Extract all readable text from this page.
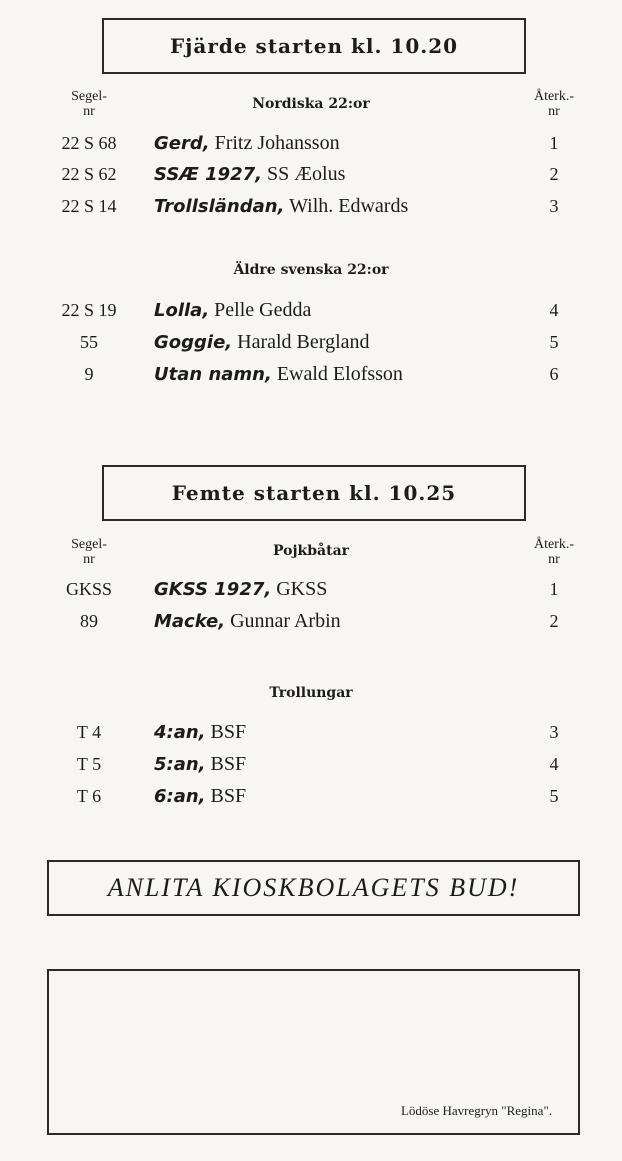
Fjärde starten kl. 10.20
Segel-
nr
Återk.-
nr
Nordiska 22:or
22 S 68	Gerd, Fritz Johansson	1
22 S 62	SSÆ 1927, SS Æolus	2
22 S 14	Trollsländan, Wilh. Edwards	3
Äldre svenska 22:or
22 S 19	Lolla, Pelle Gedda	4
55	Goggie, Harald Bergland	5
9	Utan namn, Ewald Elofsson	6
Femte starten kl. 10.25
Segel-
nr
Återk.-
nr
Pojkbåtar
GKSS	GKSS 1927, GKSS	1
89	Macke, Gunnar Arbin	2
Trollungar
T 4	4:an, BSF	3
T 5	5:an, BSF	4
T 6	6:an, BSF	5
ANLITA KIOSKBOLAGETS BUD!
Lödöse Havregryn "Regina".
